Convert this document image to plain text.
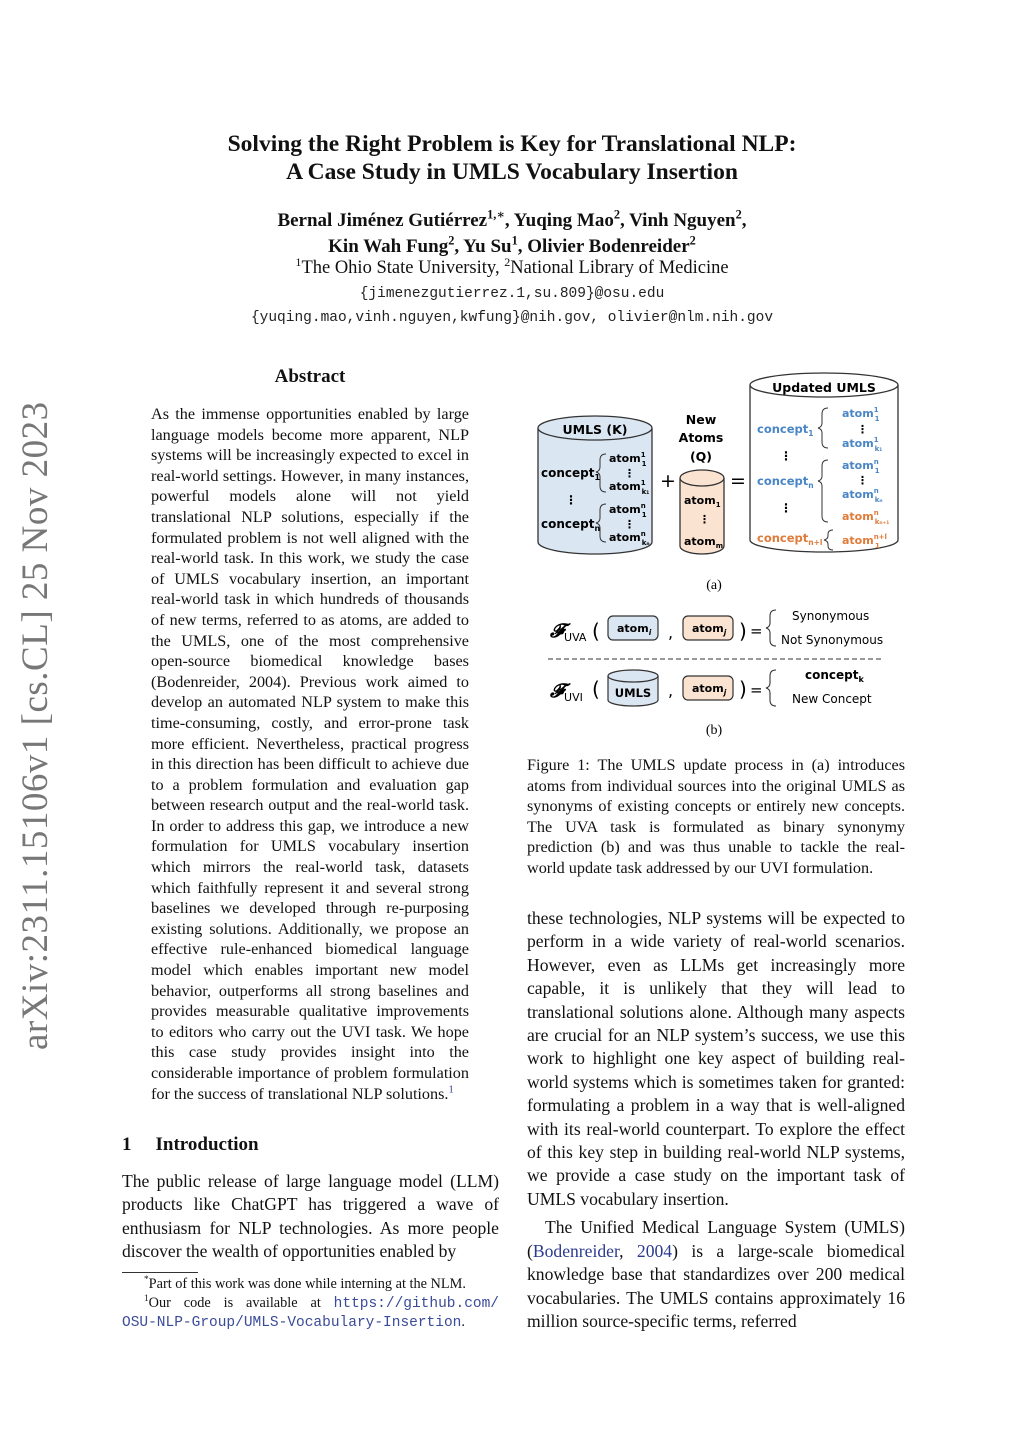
Solving the Right Problem is Key for Translational NLP:
A Case Study in UMLS Vocabulary Insertion
Bernal Jiménez Gutiérrez$^{1,∗}$, Yuqing Mao$^2$, Vinh Nguyen$^2$,
Kin Wah Fung$^2$, Yu Su$^1$, Olivier Bodenreider$^2$
$^1$The Ohio State University, $^2$National Library of Medicine
{jimenezgutierrez.1,su.809}@osu.edu
{yuqing.mao,vinh.nguyen,kwfung}@nih.gov, olivier@nlm.nih.gov
arXiv:2311.15106v1 [cs.CL] 25 Nov 2023
Abstract
As the immense opportunities enabled by large language models become more apparent, NLP systems will be increasingly expected to excel in real-world settings. However, in many instances, powerful models alone will not yield translational NLP solutions, especially if the formulated problem is not well aligned with the real-world task. In this work, we study the case of UMLS vocabulary insertion, an important real-world task in which hundreds of thousands of new terms, referred to as atoms, are added to the UMLS, one of the most comprehensive open-source biomedical knowledge bases (Bodenreider, 2004). Previous work aimed to develop an automated NLP system to make this time-consuming, costly, and error-prone task more efficient. Nevertheless, practical progress in this direction has been difficult to achieve due to a problem formulation and evaluation gap between research output and the real-world task. In order to address this gap, we introduce a new formulation for UMLS vocabulary insertion which mirrors the real-world task, datasets which faithfully represent it and several strong baselines we developed through re-purposing existing solutions. Additionally, we propose an effective rule-enhanced biomedical language model which enables important new model behavior, outperforms all strong baselines and provides measurable qualitative improvements to editors who carry out the UVI task. We hope this case study provides insight into the considerable importance of problem formulation for the success of translational NLP solutions.$^1$
1 Introduction
The public release of large language model (LLM) products like ChatGPT has triggered a wave of enthusiasm for NLP technologies. As more people discover the wealth of opportunities enabled by
*Part of this work was done while interning at the NLM.
$^1$Our code is available at https://github.com/
OSU-NLP-Group/UMLS-Vocabulary-Insertion.
UMLS (K)
concept$_1$
atom$^1$ 1
⋮
atom$^1$ k₁
⋮
concept$_n$
atom$^n$ 1
⋮
atom$^n$ kₙ
+
New
Atoms
(Q)
atom$_1$
⋮
atom$_m$
=
Updated UMLS
concept$_1$
atom$^1$ 1
⋮
atom$^1$ k₁
⋮
concept$_n$
atom$^n$ 1
⋮
atom$^n$ kₙ
atom$^n$ kₙ₊₁
⋮
concept$_{n+l}$ atom$^{n+l}$ 1
(a)
𝓕$_{UVA}$ ( atom$_i$ , atom$_j$ ) =
Synonymous
Not Synonymous
𝓕$_{UVI}$ ( UMLS , atom$_j$ ) =
concept$_k$
New Concept
(b)
Figure 1: The UMLS update process in (a) introduces atoms from individual sources into the original UMLS as synonyms of existing concepts or entirely new concepts. The UVA task is formulated as binary synonymy prediction (b) and was thus unable to tackle the real-world update task addressed by our UVI formulation.

these technologies, NLP systems will be expected to perform in a wide variety of real-world scenarios. However, even as LLMs get increasingly more capable, it is unlikely that they will lead to translational solutions alone. Although many aspects are crucial for an NLP system’s success, we use this work to highlight one key aspect of building real-world systems which is sometimes taken for granted: formulating a problem in a way that is well-aligned with its real-world counterpart. To explore the effect of this key step in building real-world NLP systems, we provide a case study on the important task of UMLS vocabulary insertion.

The Unified Medical Language System (UMLS) (Bodenreider, 2004) is a large-scale biomedical knowledge base that standardizes over 200 medical vocabularies. The UMLS contains approximately 16 million source-specific terms, referred
